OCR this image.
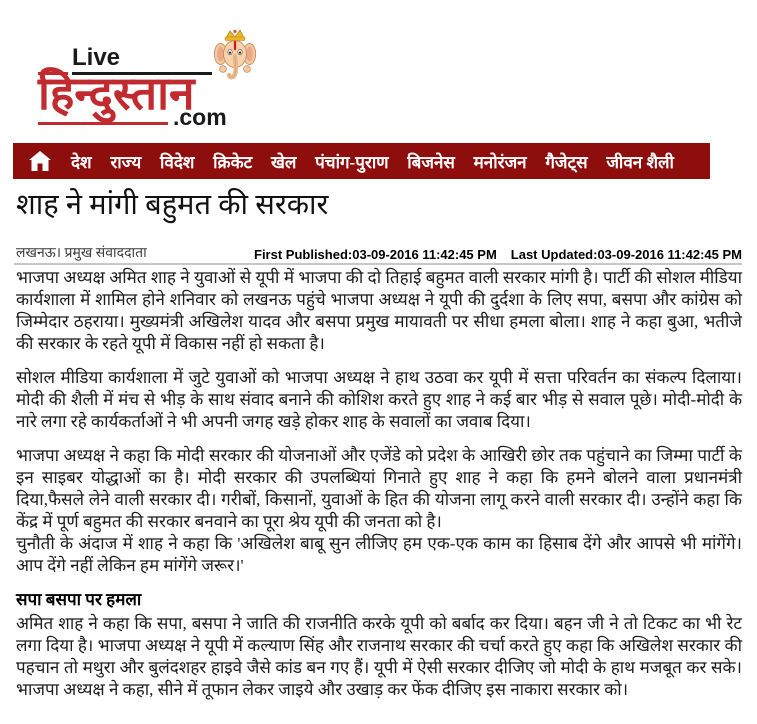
Live
हिन्दुस्तान
.com
देश राज्य विदेश क्रिकेट खेल पंचांग-पुराण बिजनेस मनोरंजन गैजेट्स जीवन शैली
शाह ने मांगी बहुमत की सरकार
लखनऊ। प्रमुख संवाददाता	First Published:03-09-2016 11:42:45 PM Last Updated:03-09-2016 11:42:45 PM

भाजपा अध्यक्ष अमित शाह ने युवाओं से यूपी में भाजपा की दो तिहाई बहुमत वाली सरकार मांगी है। पार्टी की सोशल मीडिया कार्यशाला में शामिल होने शनिवार को लखनऊ पहुंचे भाजपा अध्यक्ष ने यूपी की दुर्दशा के लिए सपा, बसपा और कांग्रेस को जिम्मेदार ठहराया। मुख्यमंत्री अखिलेश यादव और बसपा प्रमुख मायावती पर सीधा हमला बोला। शाह ने कहा बुआ, भतीजे की सरकार के रहते यूपी में विकास नहीं हो सकता है।

सोशल मीडिया कार्यशाला में जुटे युवाओं को भाजपा अध्यक्ष ने हाथ उठवा कर यूपी में सत्ता परिवर्तन का संकल्प दिलाया। मोदी की शैली में मंच से भीड़ के साथ संवाद बनाने की कोशिश करते हुए शाह ने कई बार भीड़ से सवाल पूछे। मोदी-मोदी के नारे लगा रहे कार्यकर्ताओं ने भी अपनी जगह खड़े होकर शाह के सवालों का जवाब दिया।

भाजपा अध्यक्ष ने कहा कि मोदी सरकार की योजनाओं और एजेंडे को प्रदेश के आखिरी छोर तक पहुंचाने का जिम्मा पार्टी के इन साइबर योद्धाओं का है। मोदी सरकार की उपलब्धियां गिनाते हुए शाह ने कहा कि हमने बोलने वाला प्रधानमंत्री दिया,फैसले लेने वाली सरकार दी। गरीबों, किसानों, युवाओं के हित की योजना लागू करने वाली सरकार दी। उन्होंने कहा कि केंद्र में पूर्ण बहुमत की सरकार बनवाने का पूरा श्रेय यूपी की जनता को है।

चुनौती के अंदाज में शाह ने कहा कि 'अखिलेश बाबू सुन लीजिए हम एक-एक काम का हिसाब देंगे और आपसे भी मांगेंगे। आप देंगे नहीं लेकिन हम मांगेंगे जरूर।'

सपा बसपा पर हमला

अमित शाह ने कहा कि सपा, बसपा ने जाति की राजनीति करके यूपी को बर्बाद कर दिया। बहन जी ने तो टिकट का भी रेट लगा दिया है। भाजपा अध्यक्ष ने यूपी में कल्याण सिंह और राजनाथ सरकार की चर्चा करते हुए कहा कि अखिलेश सरकार की पहचान तो मथुरा और बुलंदशहर हाइवे जैसे कांड बन गए हैं। यूपी में ऐसी सरकार दीजिए जो मोदी के हाथ मजबूत कर सके। भाजपा अध्यक्ष ने कहा, सीने में तूफान लेकर जाइये और उखाड़ कर फेंक दीजिए इस नाकारा सरकार को।
